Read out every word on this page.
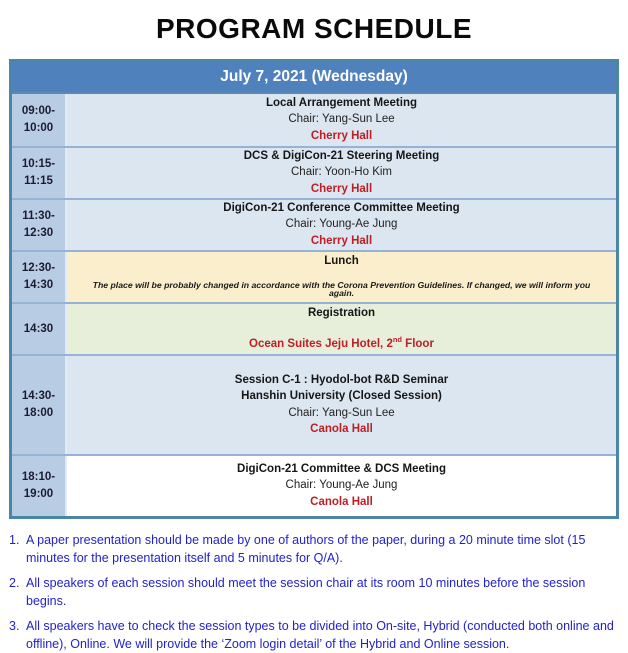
PROGRAM SCHEDULE
July 7, 2021 (Wednesday)
09:00-
10:00
Local Arrangement Meeting
Chair: Yang-Sun Lee
Cherry Hall
10:15-
11:15
DCS & DigiCon-21 Steering Meeting
Chair: Yoon-Ho Kim
Cherry Hall
11:30-
12:30
DigiCon-21 Conference Committee Meeting
Chair: Young-Ae Jung
Cherry Hall
12:30-
14:30
Lunch
The place will be probably changed in accordance with the Corona Prevention Guidelines. If changed, we will inform you again.
14:30
Registration
Ocean Suites Jeju Hotel, 2nd Floor
14:30-
18:00
Session C-1 : Hyodol-bot R&D Seminar
Hanshin University (Closed Session)
Chair: Yang-Sun Lee
Canola Hall
18:10-
19:00
DigiCon-21 Committee & DCS Meeting
Chair: Young-Ae Jung
Canola Hall
1. A paper presentation should be made by one of authors of the paper, during a 20 minute time slot (15 minutes for the presentation itself and 5 minutes for Q/A).
2. All speakers of each session should meet the session chair at its room 10 minutes before the session begins.
3. All speakers have to check the session types to be divided into On-site, Hybrid (conducted both online and offline), Online. We will provide the ‘Zoom login detail’ of the Hybrid and Online session.
